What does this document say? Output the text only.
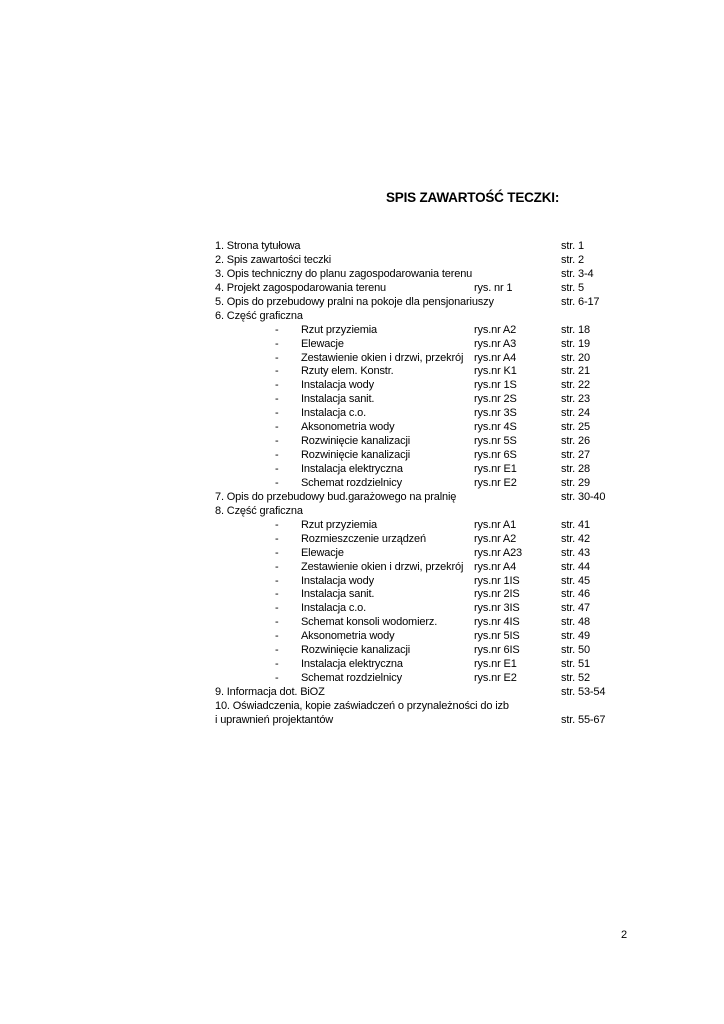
SPIS ZAWARTOŚĆ TECZKI:
1. Strona tytułowa	str. 1
2. Spis zawartości teczki	str. 2
3. Opis techniczny do planu zagospodarowania terenu	str. 3-4
4. Projekt zagospodarowania terenu	rys. nr 1	str. 5
5. Opis do przebudowy pralni na pokoje dla pensjonariuszy	str. 6-17
6. Część graficzna
- Rzut przyziemia	rys.nr A2	str. 18
- Elewacje	rys.nr A3	str. 19
- Zestawienie okien i drzwi, przekrój rys.nr A4	str. 20
- Rzuty elem. Konstr.	rys.nr K1	str. 21
- Instalacja wody	rys.nr 1S	str. 22
- Instalacja sanit.	rys.nr 2S	str. 23
- Instalacja c.o.	rys.nr 3S	str. 24
- Aksonometria wody	rys.nr 4S	str. 25
- Rozwinięcie kanalizacji	rys.nr 5S	str. 26
- Rozwinięcie kanalizacji	rys.nr 6S	str. 27
- Instalacja elektryczna	rys.nr E1	str. 28
- Schemat rozdzielnicy	rys.nr E2	str. 29
7. Opis do przebudowy bud.garażowego na pralnię	str. 30-40
8. Część graficzna
- Rzut przyziemia	rys.nr A1	str. 41
- Rozmieszczenie urządzeń	rys.nr A2	str. 42
- Elewacje	rys.nr A23	str. 43
- Zestawienie okien i drzwi, przekrój rys.nr A4	str. 44
- Instalacja wody	rys.nr 1IS	str. 45
- Instalacja sanit.	rys.nr 2IS	str. 46
- Instalacja c.o.	rys.nr 3IS	str. 47
- Schemat konsoli wodomierz.	rys.nr 4IS	str. 48
- Aksonometria wody	rys.nr 5IS	str. 49
- Rozwinięcie kanalizacji	rys.nr 6IS	str. 50
- Instalacja elektryczna	rys.nr E1	str. 51
- Schemat rozdzielnicy	rys.nr E2	str. 52
9. Informacja dot. BiOZ	str. 53-54
10. Oświadczenia, kopie zaświadczeń o przynależności do izb
i uprawnień projektantów	str. 55-67
2
